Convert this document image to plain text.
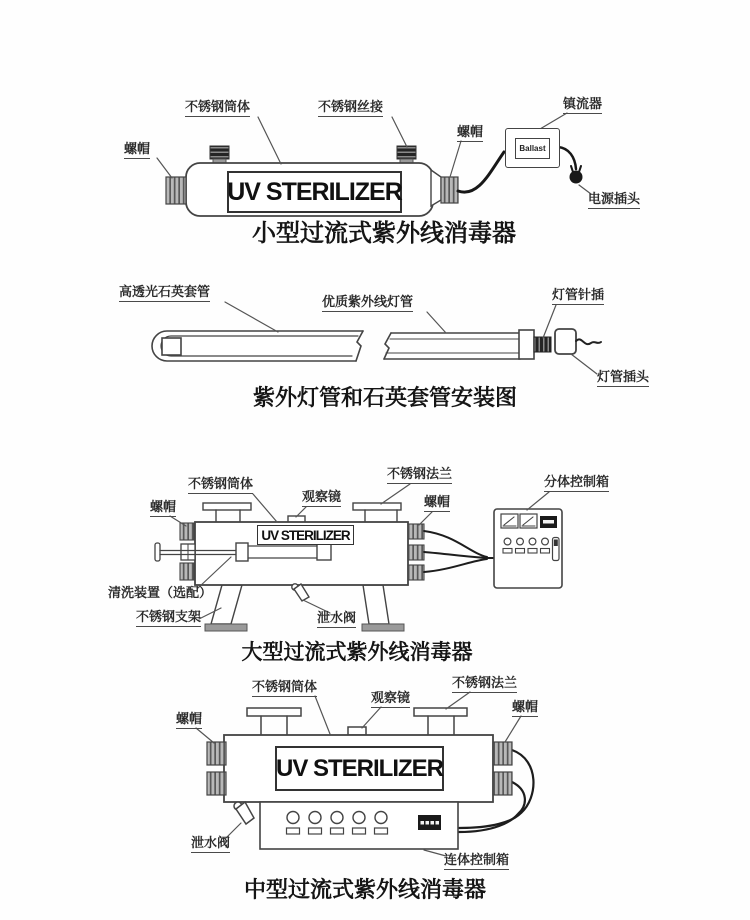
螺帽
不锈钢筒体	不锈钢丝接
螺帽
镇流器
电源插头
UV STERILIZER
Ballast
小型过流式紫外线消毒器
高透光石英套管
优质紫外线灯管	灯管针插
灯管插头
紫外灯管和石英套管安装图
螺帽
不锈钢筒体
观察镜
不锈钢法兰
螺帽
分体控制箱
清洗装置（选配）
不锈钢支架	泄水阀
UV STERILIZER
大型过流式紫外线消毒器
螺帽
不锈钢筒体
观察镜
不锈钢法兰
螺帽
泄水阀
连体控制箱
UV STERILIZER
中型过流式紫外线消毒器
